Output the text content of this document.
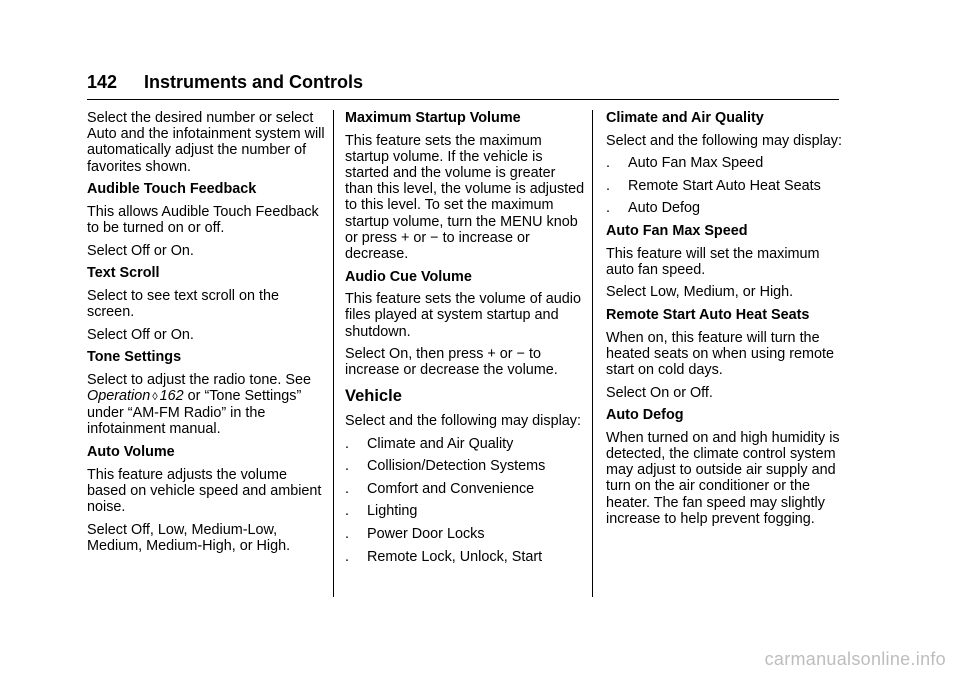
142 Instruments and Controls

Select the desired number or select Auto and the infotainment system will automatically adjust the number of favorites shown.

Audible Touch Feedback

This allows Audible Touch Feedback to be turned on or off.

Select Off or On.

Text Scroll

Select to see text scroll on the screen.

Select Off or On.

Tone Settings

Select to adjust the radio tone. See Operation ◊ 162 or “Tone Settings” under “AM-FM Radio” in the infotainment manual.

Auto Volume

This feature adjusts the volume based on vehicle speed and ambient noise.

Select Off, Low, Medium-Low, Medium, Medium-High, or High.

Maximum Startup Volume

This feature sets the maximum startup volume. If the vehicle is started and the volume is greater than this level, the volume is adjusted to this level. To set the maximum startup volume, turn the MENU knob or press + or − to increase or decrease.

Audio Cue Volume

This feature sets the volume of audio files played at system startup and shutdown.

Select On, then press + or − to increase or decrease the volume.

Vehicle

Select and the following may display:

.	Climate and Air Quality
.	Collision/Detection Systems
.	Comfort and Convenience
.	Lighting
.	Power Door Locks
.	Remote Lock, Unlock, Start

Climate and Air Quality

Select and the following may display:

.	Auto Fan Max Speed
.	Remote Start Auto Heat Seats
.	Auto Defog

Auto Fan Max Speed

This feature will set the maximum auto fan speed.

Select Low, Medium, or High.

Remote Start Auto Heat Seats

When on, this feature will turn the heated seats on when using remote start on cold days.

Select On or Off.

Auto Defog

When turned on and high humidity is detected, the climate control system may adjust to outside air supply and turn on the air conditioner or the heater. The fan speed may slightly increase to help prevent fogging.

carmanualsonline.info
